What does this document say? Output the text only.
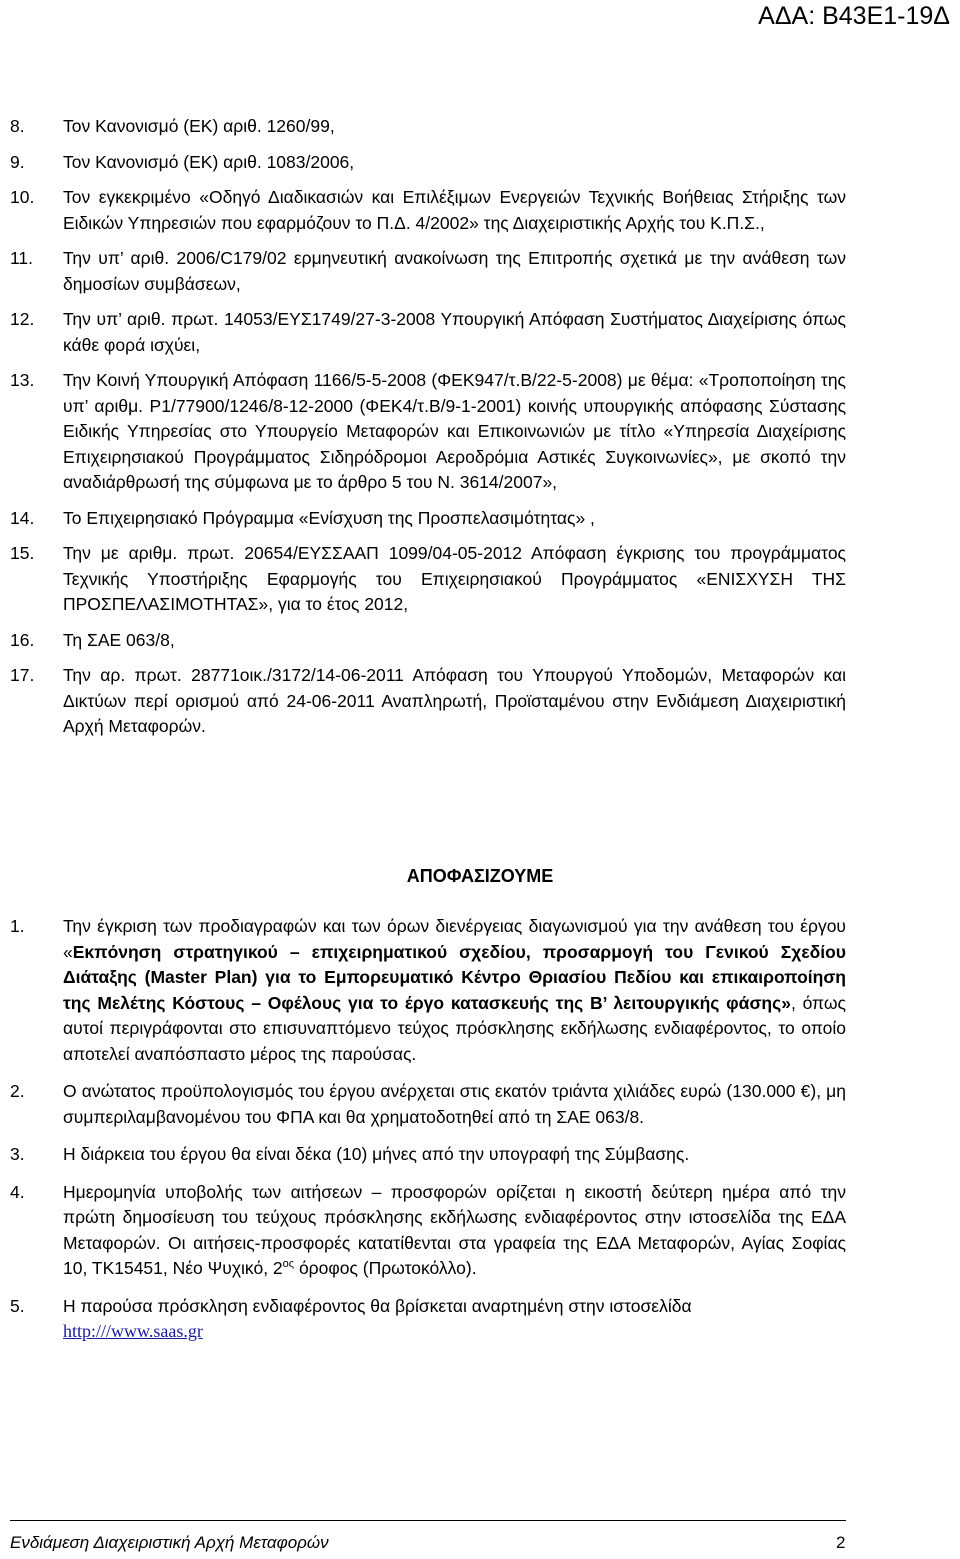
ΑΔΑ: Β43Ε1-19Δ
8.	Τον Κανονισμό (ΕΚ) αριθ. 1260/99,
9.	Τον Κανονισμό (ΕΚ) αριθ. 1083/2006,
10.	Τον εγκεκριμένο «Οδηγό Διαδικασιών και Επιλέξιμων Ενεργειών Τεχνικής Βοήθειας Στήριξης των Ειδικών Υπηρεσιών που εφαρμόζουν το Π.Δ. 4/2002» της Διαχειριστικής Αρχής του Κ.Π.Σ.,
11.	Την υπ’ αριθ. 2006/C179/02 ερμηνευτική ανακοίνωση της Επιτροπής σχετικά με την ανάθεση των δημοσίων συμβάσεων,
12.	Την υπ’ αριθ. πρωτ. 14053/ΕΥΣ1749/27-3-2008 Υπουργική Απόφαση Συστήματος Διαχείρισης όπως κάθε φορά ισχύει,
13.	Την Κοινή Υπουργική Απόφαση 1166/5-5-2008 (ΦΕΚ947/τ.Β/22-5-2008) με θέμα: «Τροποποίηση της υπ’ αριθμ. Ρ1/77900/1246/8-12-2000 (ΦΕΚ4/τ.Β/9-1-2001) κοινής υπουργικής απόφασης Σύστασης Ειδικής Υπηρεσίας στο Υπουργείο Μεταφορών και Επικοινωνιών με τίτλο «Υπηρεσία Διαχείρισης Επιχειρησιακού Προγράμματος Σιδηρόδρομοι Αεροδρόμια Αστικές Συγκοινωνίες», με σκοπό την αναδιάρθρωσή της σύμφωνα με το άρθρο 5 του Ν. 3614/2007»,
14.	Το Επιχειρησιακό Πρόγραμμα «Ενίσχυση της Προσπελασιμότητας» ,
15.	Την με αριθμ. πρωτ. 20654/ΕΥΣΣΑΑΠ 1099/04-05-2012 Απόφαση έγκρισης του προγράμματος Τεχνικής Υποστήριξης Εφαρμογής του Επιχειρησιακού Προγράμματος «ΕΝΙΣΧΥΣΗ ΤΗΣ ΠΡΟΣΠΕΛΑΣΙΜΟΤΗΤΑΣ», για το έτος 2012,
16.	Τη ΣΑΕ 063/8,
17.	Την αρ. πρωτ. 28771οικ./3172/14-06-2011 Απόφαση του Υπουργού Υποδομών, Μεταφορών και Δικτύων περί ορισμού από 24-06-2011 Αναπληρωτή, Προϊσταμένου στην Ενδιάμεση Διαχειριστική Αρχή Μεταφορών.
ΑΠΟΦΑΣΙΖΟΥΜΕ
1.	Την έγκριση των προδιαγραφών και των όρων διενέργειας διαγωνισμού για την ανάθεση του έργου «Εκπόνηση στρατηγικού – επιχειρηματικού σχεδίου, προσαρμογή του Γενικού Σχεδίου Διάταξης (Master Plan) για το Εμπορευματικό Κέντρο Θριασίου Πεδίου και επικαιροποίηση της Μελέτης Κόστους – Οφέλους για το έργο κατασκευής της Β’ λειτουργικής φάσης», όπως αυτοί περιγράφονται στο επισυναπτόμενο τεύχος πρόσκλησης εκδήλωσης ενδιαφέροντος, το οποίο αποτελεί αναπόσπαστο μέρος της παρούσας.
2.	Ο ανώτατος προϋπολογισμός του έργου ανέρχεται στις εκατόν τριάντα χιλιάδες ευρώ (130.000 €), μη συμπεριλαμβανομένου του ΦΠΑ και θα χρηματοδοτηθεί από τη ΣΑΕ 063/8.
3.	Η διάρκεια του έργου θα είναι δέκα (10) μήνες από την υπογραφή της Σύμβασης.
4.	Ημερομηνία υποβολής των αιτήσεων – προσφορών ορίζεται η εικοστή δεύτερη ημέρα από την πρώτη δημοσίευση του τεύχους πρόσκλησης εκδήλωσης ενδιαφέροντος στην ιστοσελίδα της ΕΔΑ Μεταφορών. Οι αιτήσεις-προσφορές κατατίθενται στα γραφεία της ΕΔΑ Μεταφορών, Αγίας Σοφίας 10, ΤΚ15451, Νέο Ψυχικό, $2^{o\varsigma}$ όροφος (Πρωτοκόλλο).
5.	Η παρούσα πρόσκληση ενδιαφέροντος θα βρίσκεται αναρτημένη στην ιστοσελίδα
http:///www.saas.gr
Ενδιάμεση Διαχειριστική Αρχή Μεταφορών	2
